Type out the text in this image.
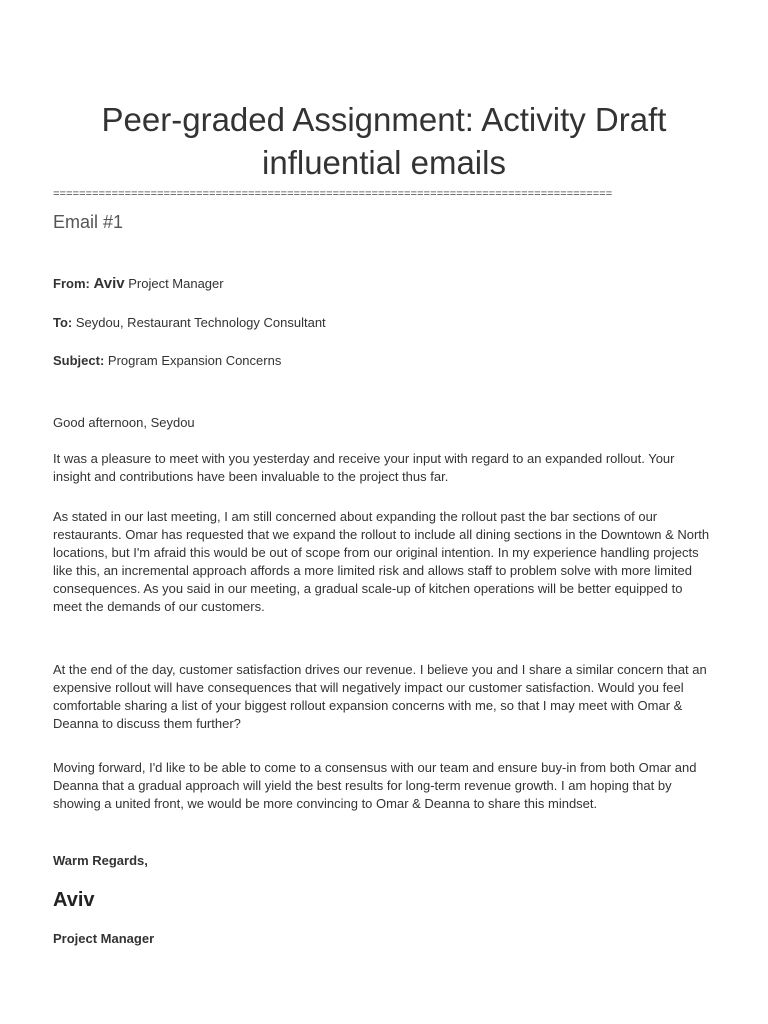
Peer-graded Assignment: Activity Draft
influential emails
======================================================================================
Email #1
From: Aviv Project Manager
To: Seydou, Restaurant Technology Consultant
Subject: Program Expansion Concerns

Good afternoon, Seydou

It was a pleasure to meet with you yesterday and receive your input with regard to an expanded rollout. Your insight and contributions have been invaluable to the project thus far.

As stated in our last meeting, I am still concerned about expanding the rollout past the bar sections of our restaurants. Omar has requested that we expand the rollout to include all dining sections in the Downtown & North locations, but I'm afraid this would be out of scope from our original intention. In my experience handling projects like this, an incremental approach affords a more limited risk and allows staff to problem solve with more limited consequences. As you said in our meeting, a gradual scale-up of kitchen operations will be better equipped to meet the demands of our customers.

At the end of the day, customer satisfaction drives our revenue. I believe you and I share a similar concern that an expensive rollout will have consequences that will negatively impact our customer satisfaction. Would you feel comfortable sharing a list of your biggest rollout expansion concerns with me, so that I may meet with Omar & Deanna to discuss them further?

Moving forward, I'd like to be able to come to a consensus with our team and ensure buy-in from both Omar and Deanna that a gradual approach will yield the best results for long-term revenue growth. I am hoping that by showing a united front, we would be more convincing to Omar & Deanna to share this mindset.

Warm Regards,
Aviv
Project Manager
